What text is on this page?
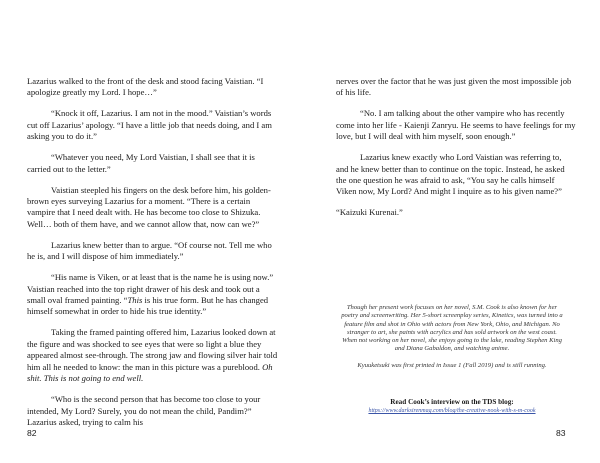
Lazarius walked to the front of the desk and stood facing Vaistian. “I apologize greatly my Lord. I hope…”

“Knock it off, Lazarius. I am not in the mood.” Vaistian’s words cut off Lazarius’ apology. “I have a little job that needs doing, and I am asking you to do it.”

“Whatever you need, My Lord Vaistian, I shall see that it is carried out to the letter.”

Vaistian steepled his fingers on the desk before him, his golden-brown eyes surveying Lazarius for a moment. “There is a certain vampire that I need dealt with. He has become too close to Shizuka. Well… both of them have, and we cannot allow that, now can we?”

Lazarius knew better than to argue. “Of course not. Tell me who he is, and I will dispose of him immediately.”

“His name is Viken, or at least that is the name he is using now.” Vaistian reached into the top right drawer of his desk and took out a small oval framed painting. “This is his true form. But he has changed himself somewhat in order to hide his true identity.”

Taking the framed painting offered him, Lazarius looked down at the figure and was shocked to see eyes that were so light a blue they appeared almost see-through. The strong jaw and flowing silver hair told him all he needed to know: the man in this picture was a pureblood. Oh shit. This is not going to end well.

“Who is the second person that has become too close to your intended, My Lord? Surely, you do not mean the child, Pandim?” Lazarius asked, trying to calm his

82

nerves over the factor that he was just given the most impossible job of his life.

“No. I am talking about the other vampire who has recently come into her life - Kaienji Zanryu. He seems to have feelings for my love, but I will deal with him myself, soon enough.”

Lazarius knew exactly who Lord Vaistian was referring to, and he knew better than to continue on the topic. Instead, he asked the one question he was afraid to ask, “You say he calls himself Viken now, My Lord? And might I inquire as to his given name?”

“Kaizuki Kurenai.”

Though her present work focuses on her novel, S.M. Cook is also known for her poetry and screenwriting. Her 5-short screenplay series, Kinetics, was turned into a feature film and shot in Ohio with actors from New York, Ohio, and Michigan. No stranger to art, she paints with acrylics and has sold artwork on the west coast. When not working on her novel, she enjoys going to the lake, reading Stephen King and Diana Gabaldon, and watching anime.

Kyuuketsuki was first printed in Issue 1 (Fall 2019) and is still running.

Read Cook’s interview on the TDS blog:
https://www.darksirenmag.com/blog/the-creative-nook-with-s-m-cook
83
